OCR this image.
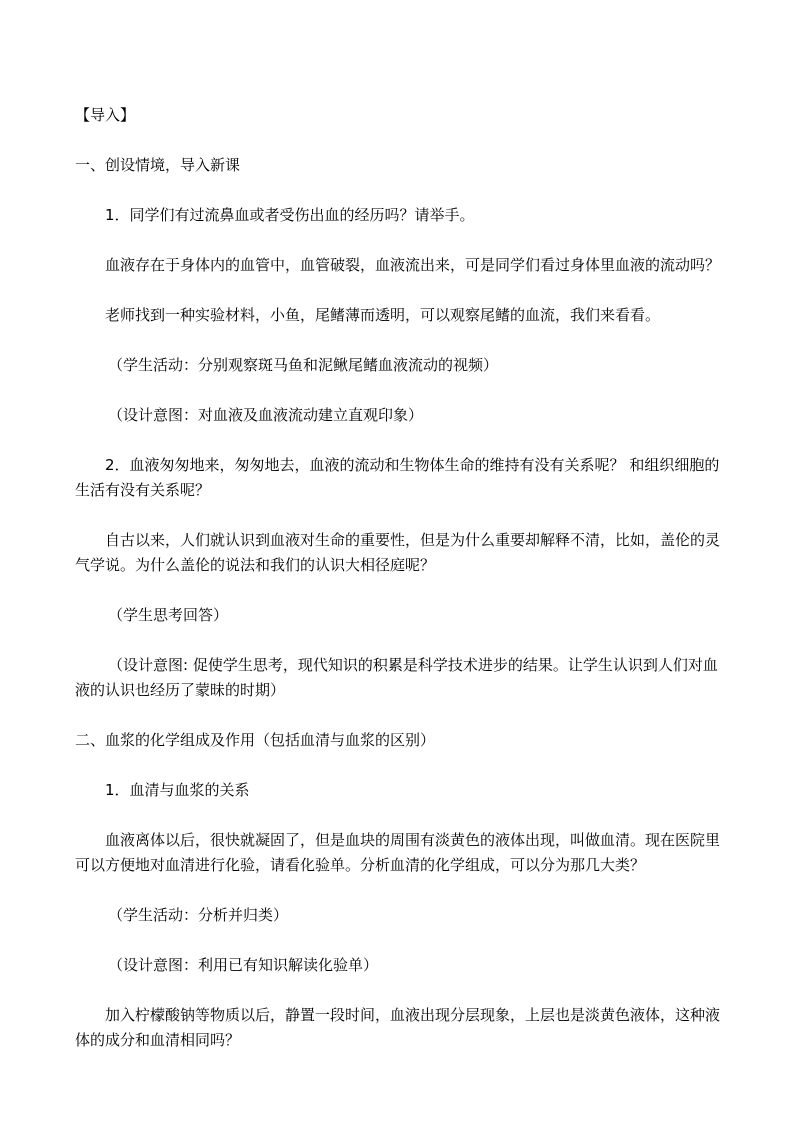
【导入】

一、创设情境，导入新课

1．同学们有过流鼻血或者受伤出血的经历吗？请举手。

血液存在于身体内的血管中，血管破裂，血液流出来，可是同学们看过身体里血液的流动吗？

老师找到一种实验材料，小鱼，尾鳍薄而透明，可以观察尾鳍的血流，我们来看看。

（学生活动：分别观察斑马鱼和泥鳅尾鳍血液流动的视频）

（设计意图：对血液及血液流动建立直观印象）

2．血液匆匆地来，匆匆地去，血液的流动和生物体生命的维持有没有关系呢？ 和组织细胞的生活有没有关系呢？

自古以来，人们就认识到血液对生命的重要性，但是为什么重要却解释不清，比如，盖伦的灵气学说。为什么盖伦的说法和我们的认识大相径庭呢？

（学生思考回答）

（设计意图: 促使学生思考，现代知识的积累是科学技术进步的结果。让学生认识到人们对血液的认识也经历了蒙昧的时期）

二、血浆的化学组成及作用（包括血清与血浆的区别）

1．血清与血浆的关系

血液离体以后，很快就凝固了，但是血块的周围有淡黄色的液体出现，叫做血清。现在医院里可以方便地对血清进行化验，请看化验单。分析血清的化学组成，可以分为那几大类？

（学生活动：分析并归类）

（设计意图：利用已有知识解读化验单）

加入柠檬酸钠等物质以后，静置一段时间，血液出现分层现象，上层也是淡黄色液体，这种液体的成分和血清相同吗？
